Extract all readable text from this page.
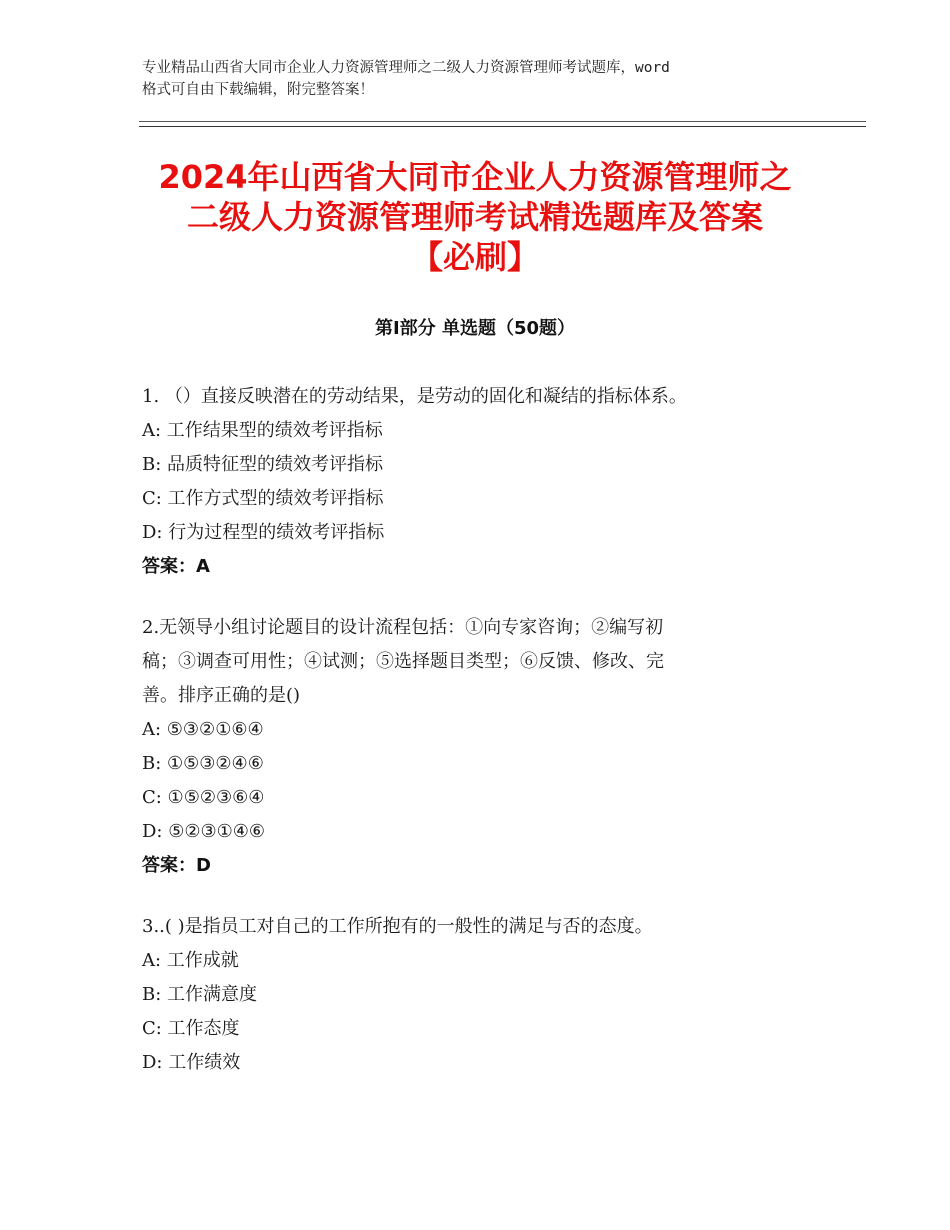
专业精品山西省大同市企业人力资源管理师之二级人力资源管理师考试题库，word
格式可自由下载编辑，附完整答案！
2024年山西省大同市企业人力资源管理师之
二级人力资源管理师考试精选题库及答案
【必刷】
第Ⅰ部分 单选题（50题）
1. （）直接反映潜在的劳动结果，是劳动的固化和凝结的指标体系。
A: 工作结果型的绩效考评指标
B: 品质特征型的绩效考评指标
C: 工作方式型的绩效考评指标
D: 行为过程型的绩效考评指标
答案：A
2.无领导小组讨论题目的设计流程包括：①向专家咨询；②编写初
稿；③调查可用性；④试测；⑤选择题目类型；⑥反馈、修改、完
善。排序正确的是()
A: ⑤③②①⑥④
B: ①⑤③②④⑥
C: ①⑤②③⑥④
D: ⑤②③①④⑥
答案：D
3..( )是指员工对自己的工作所抱有的一般性的满足与否的态度。
A: 工作成就
B: 工作满意度
C: 工作态度
D: 工作绩效
